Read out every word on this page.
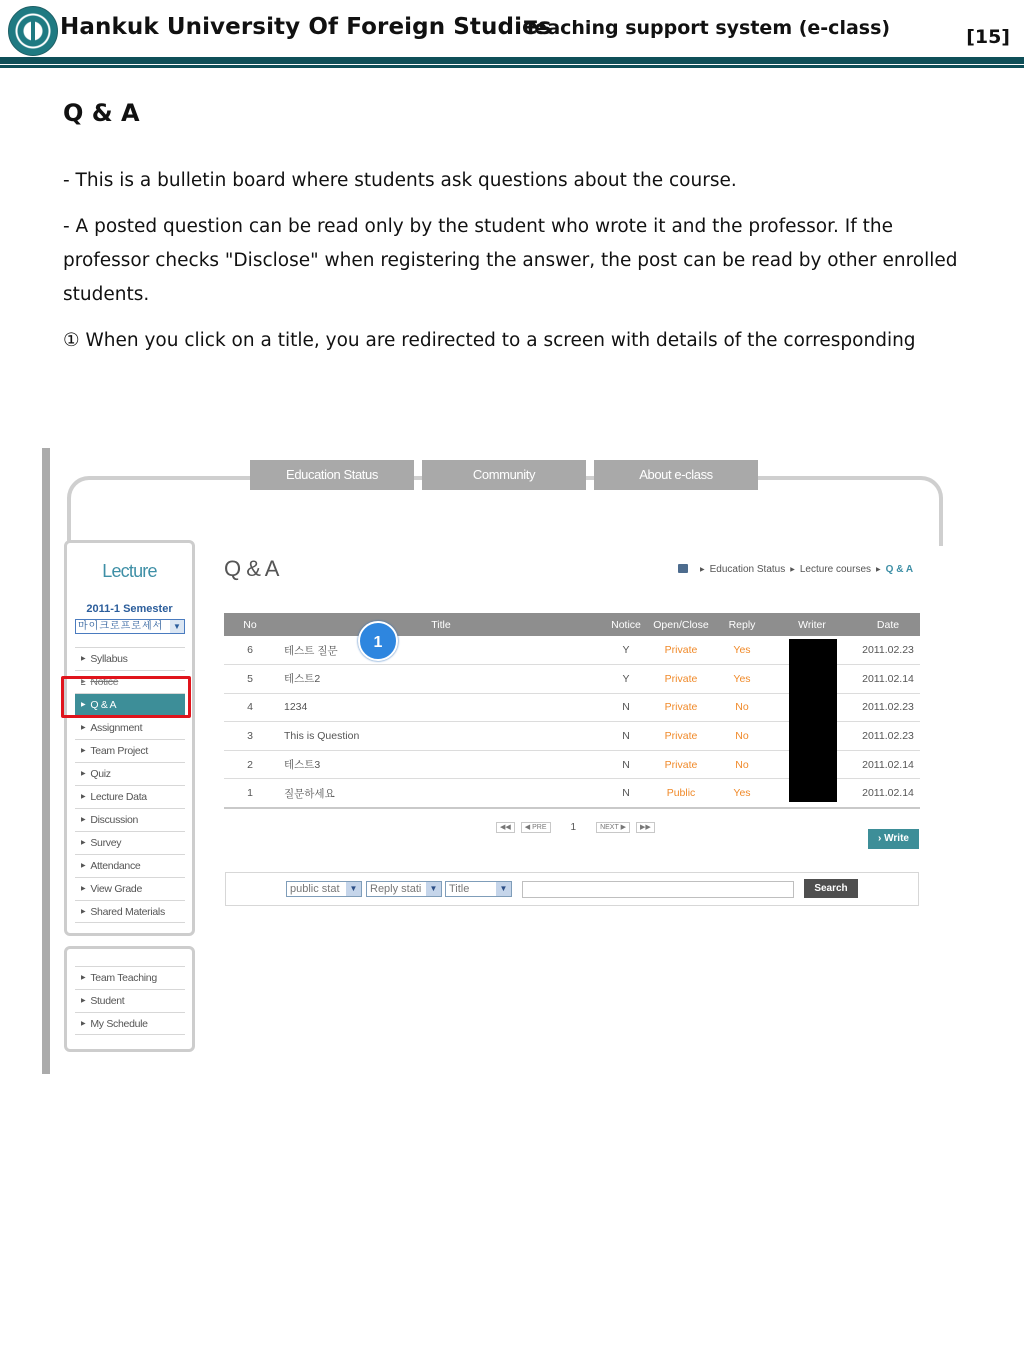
Hankuk University Of Foreign Studies
Teaching support system (e-class)	[15]
Q & A
- This is a bulletin board where students ask questions about the course.
- A posted question can be read only by the student who wrote it and the professor. If the professor checks "Disclose" when registering the answer, the post can be read by other enrolled students.
① When you click on a title, you are redirected to a screen with details of the corresponding
Education Status	Community	About e-class
Lecture
2011-1 Semester
마이크로프로세서	▼
▶ Syllabus
▶ Notice
▶ Q & A
▶ Assignment
▶ Team Project
▶ Quiz
▶ Lecture Data
▶ Discussion
▶ Survey
▶ Attendance
▶ View Grade
▶ Shared Materials
▶ Team Teaching
▶ Student
▶ My Schedule
Q & A	▶ Education Status ▶ Lecture courses ▶ Q & A
No	Title	Notice	Open/Close	Reply	Writer	Date
6	테스트 질문	Y	Private	Yes		2011.02.23
5	테스트2	Y	Private	Yes		2011.02.14
4	1234	N	Private	No		2011.02.23
3	This is Question	N	Private	No		2011.02.23
2	테스트3	N	Private	No		2011.02.14
1	질문하세요	N	Public	Yes		2011.02.14
1
◀◀	◀ PRE	1	NEXT ▶	▶▶
› Write
public stat	▼	Reply stati	▼	Title	▼	Search
